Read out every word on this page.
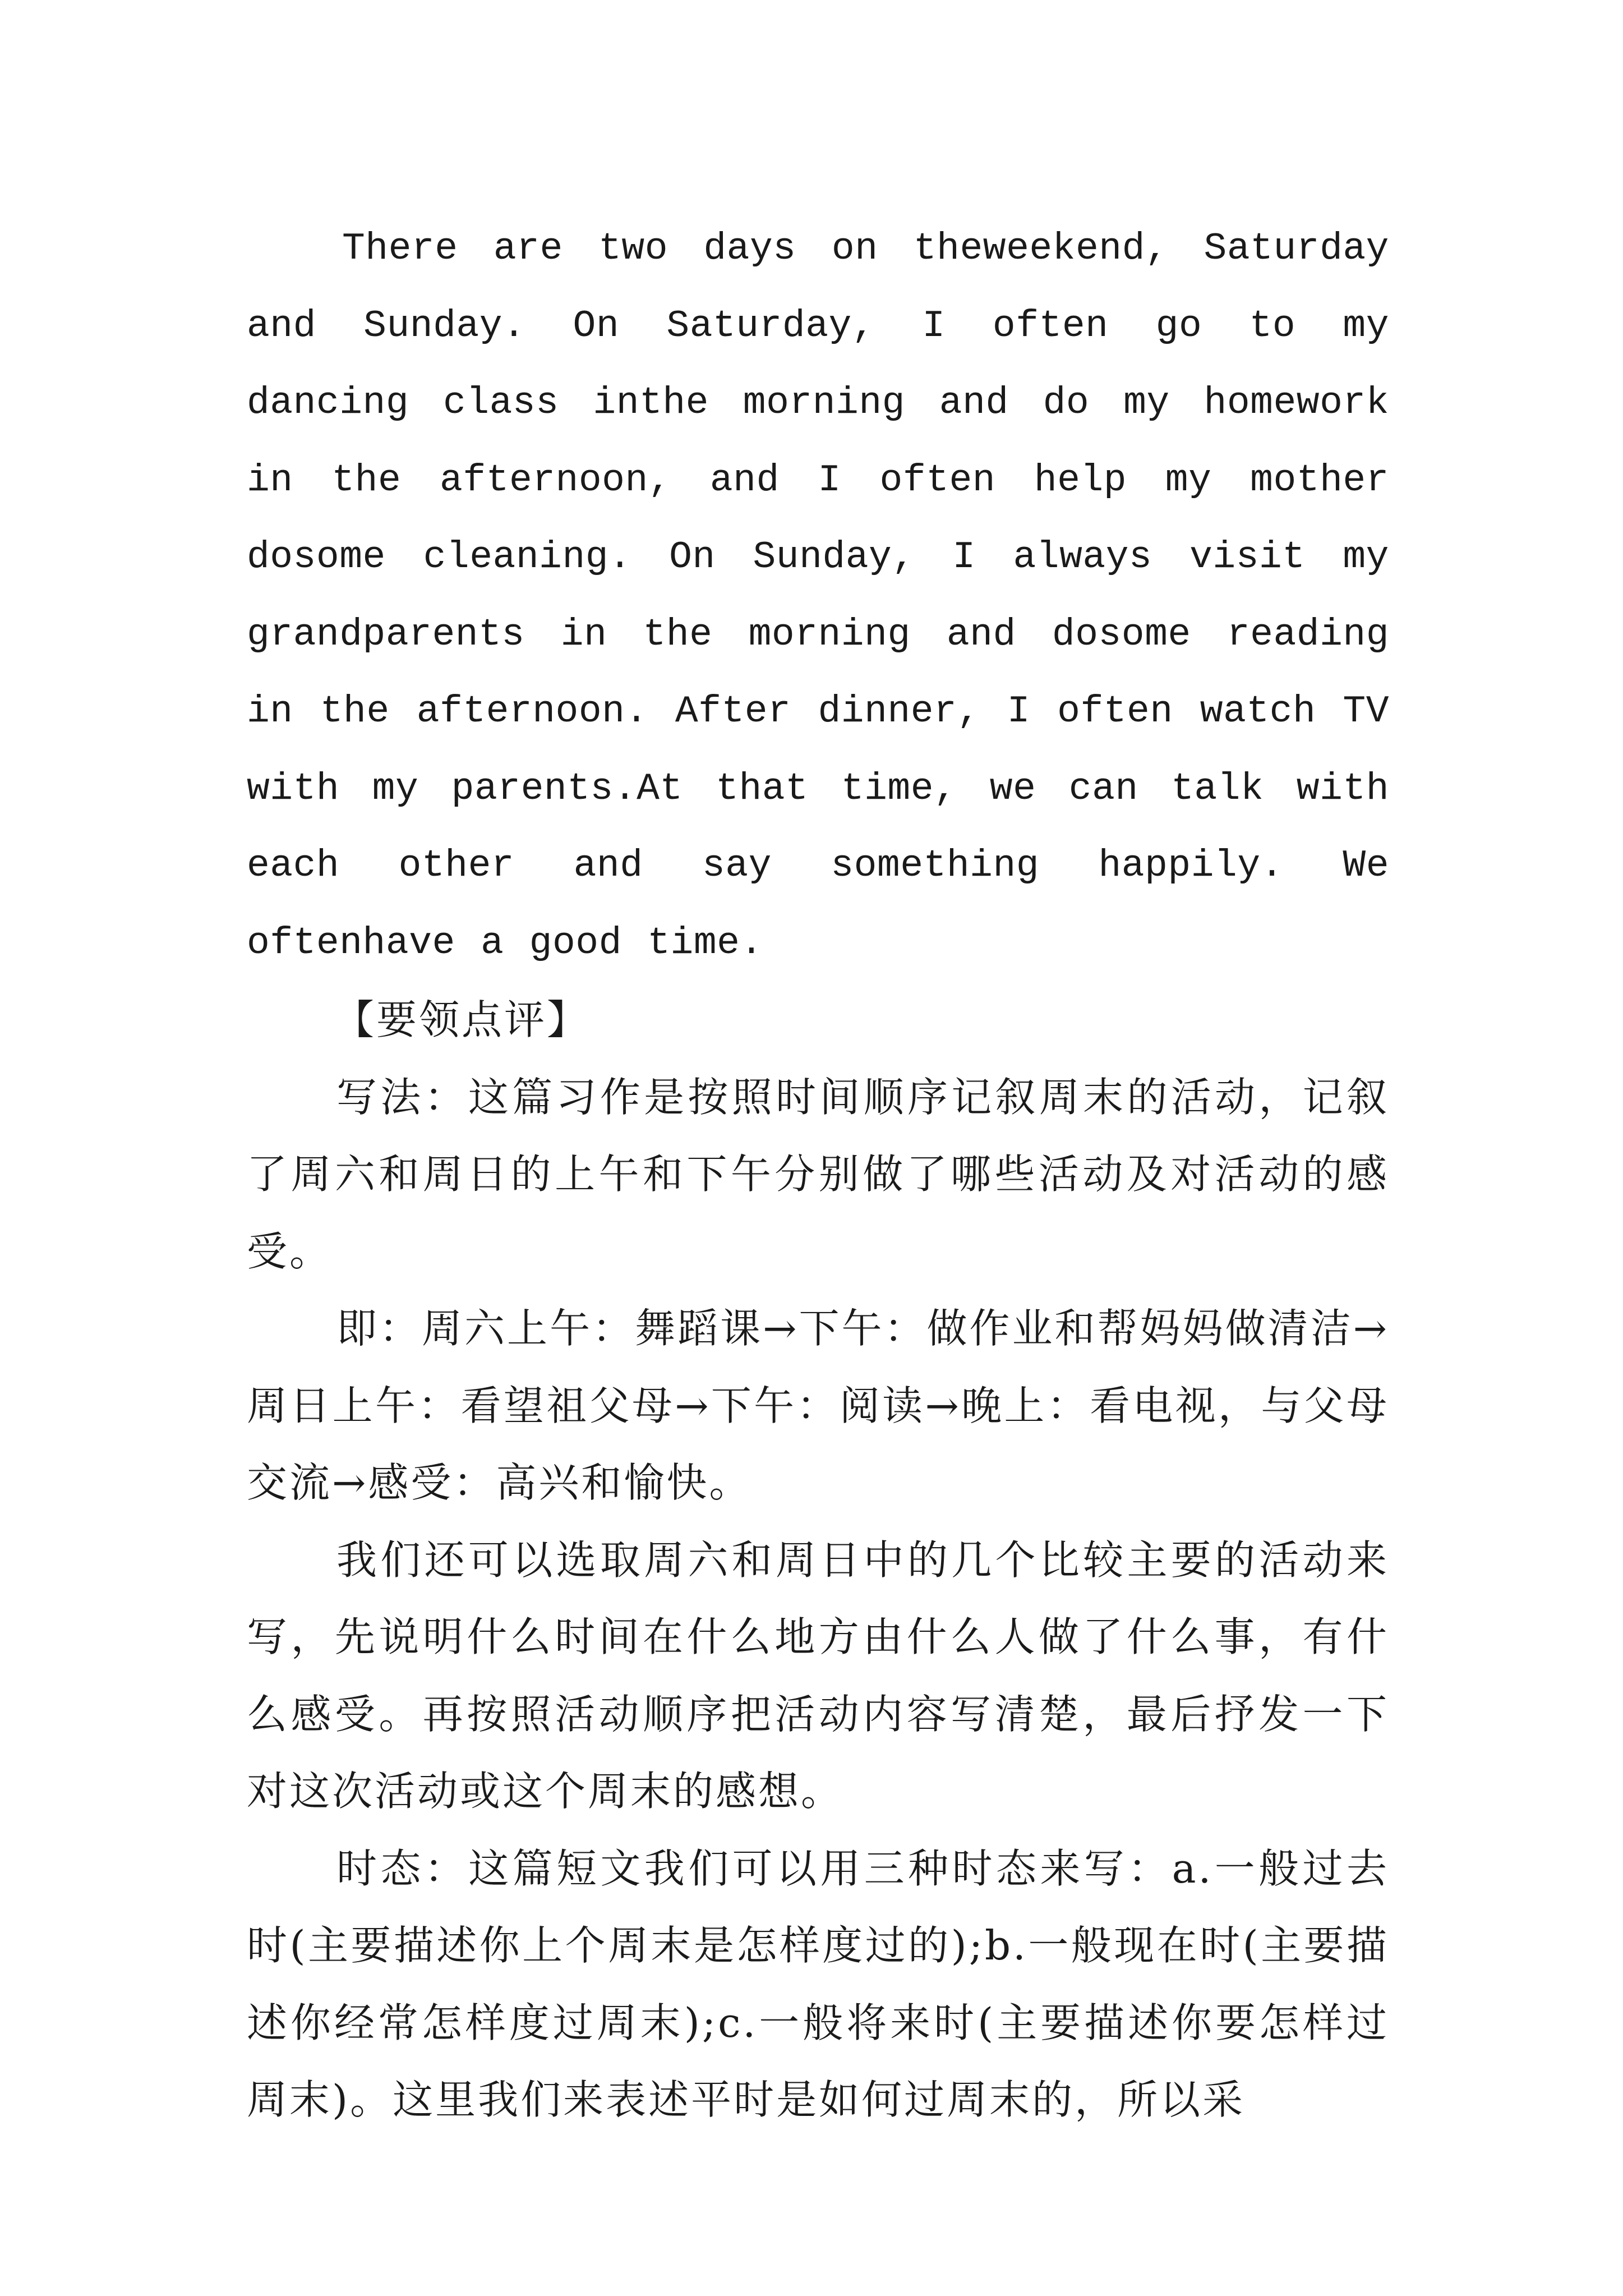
There are two days on theweekend, Saturday and Sunday. On Saturday, I often go to my dancing class inthe morning and do my homework in the afternoon, and I often help my mother dosome cleaning. On Sunday, I always visit my grandparents in the morning and dosome reading in the afternoon. After dinner, I often watch TV with my parents.At that time, we can talk with each other and say something happily. We oftenhave a good time.

【要领点评】

写法：这篇习作是按照时间顺序记叙周末的活动，记叙了周六和周日的上午和下午分别做了哪些活动及对活动的感受。

即：周六上午：舞蹈课→下午：做作业和帮妈妈做清洁→周日上午：看望祖父母→下午：阅读→晚上：看电视，与父母交流→感受：高兴和愉快。

我们还可以选取周六和周日中的几个比较主要的活动来写，先说明什么时间在什么地方由什么人做了什么事，有什么感受。再按照活动顺序把活动内容写清楚，最后抒发一下对这次活动或这个周末的感想。

时态：这篇短文我们可以用三种时态来写：a.一般过去时(主要描述你上个周末是怎样度过的);b.一般现在时(主要描述你经常怎样度过周末);c.一般将来时(主要描述你要怎样过周末)。这里我们来表述平时是如何过周末的，所以采
